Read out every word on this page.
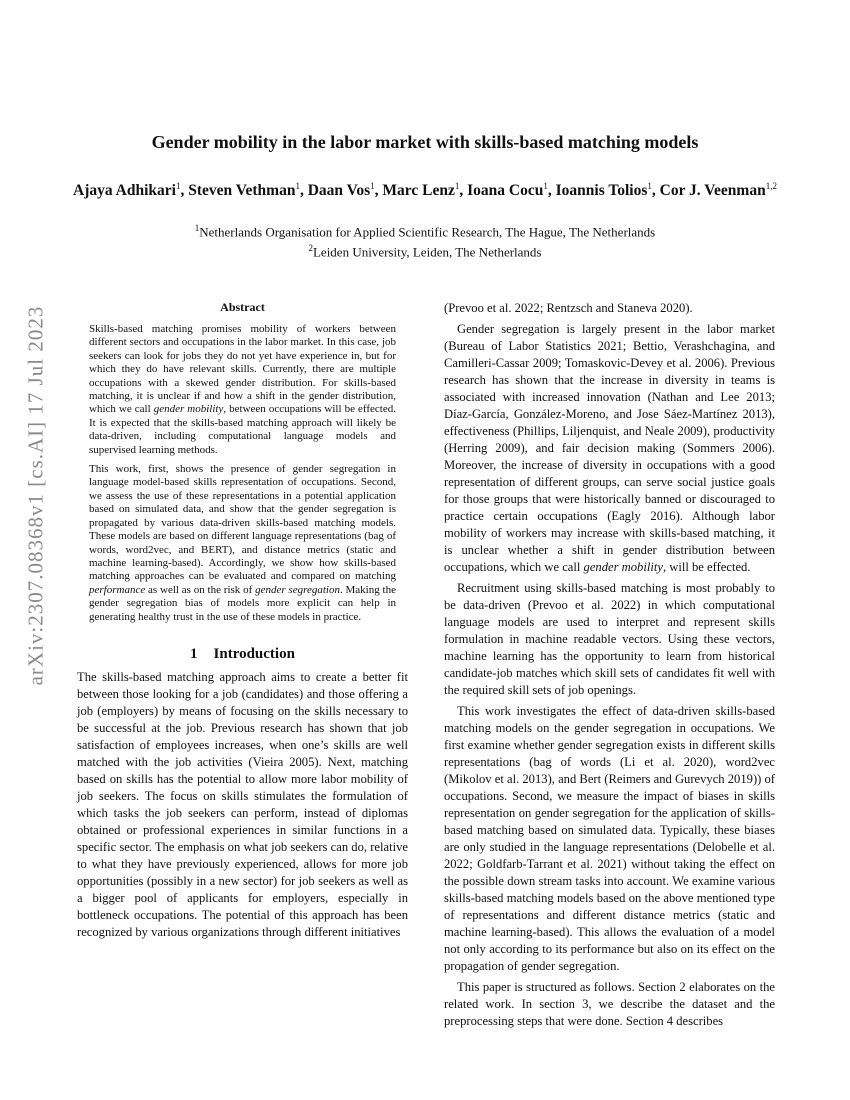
arXiv:2307.08368v1 [cs.AI] 17 Jul 2023
Gender mobility in the labor market with skills-based matching models
Ajaya Adhikari$^1$, Steven Vethman$^1$, Daan Vos$^1$, Marc Lenz$^1$, Ioana Cocu$^1$, Ioannis Tolios$^1$, Cor J. Veenman$^{1,2}$
$^1$Netherlands Organisation for Applied Scientific Research, The Hague, The Netherlands
$^2$Leiden University, Leiden, The Netherlands
Abstract

Skills-based matching promises mobility of workers between different sectors and occupations in the labor market. In this case, job seekers can look for jobs they do not yet have experience in, but for which they do have relevant skills. Currently, there are multiple occupations with a skewed gender distribution. For skills-based matching, it is unclear if and how a shift in the gender distribution, which we call gender mobility, between occupations will be effected. It is expected that the skills-based matching approach will likely be data-driven, including computational language models and supervised learning methods.

This work, first, shows the presence of gender segregation in language model-based skills representation of occupations. Second, we assess the use of these representations in a potential application based on simulated data, and show that the gender segregation is propagated by various data-driven skills-based matching models. These models are based on different language representations (bag of words, word2vec, and BERT), and distance metrics (static and machine learning-based). Accordingly, we show how skills-based matching approaches can be evaluated and compared on matching performance as well as on the risk of gender segregation. Making the gender segregation bias of models more explicit can help in generating healthy trust in the use of these models in practice.

1 Introduction

The skills-based matching approach aims to create a better fit between those looking for a job (candidates) and those offering a job (employers) by means of focusing on the skills necessary to be successful at the job. Previous research has shown that job satisfaction of employees increases, when one’s skills are well matched with the job activities (Vieira 2005). Next, matching based on skills has the potential to allow more labor mobility of job seekers. The focus on skills stimulates the formulation of which tasks the job seekers can perform, instead of diplomas obtained or professional experiences in similar functions in a specific sector. The emphasis on what job seekers can do, relative to what they have previously experienced, allows for more job opportunities (possibly in a new sector) for job seekers as well as a bigger pool of applicants for employers, especially in bottleneck occupations. The potential of this approach has been recognized by various organizations through different initiatives

(Prevoo et al. 2022; Rentzsch and Staneva 2020).

Gender segregation is largely present in the labor market (Bureau of Labor Statistics 2021; Bettio, Verashchagina, and Camilleri-Cassar 2009; Tomaskovic-Devey et al. 2006). Previous research has shown that the increase in diversity in teams is associated with increased innovation (Nathan and Lee 2013; Díaz-García, González-Moreno, and Jose Sáez-Martínez 2013), effectiveness (Phillips, Liljenquist, and Neale 2009), productivity (Herring 2009), and fair decision making (Sommers 2006). Moreover, the increase of diversity in occupations with a good representation of different groups, can serve social justice goals for those groups that were historically banned or discouraged to practice certain occupations (Eagly 2016). Although labor mobility of workers may increase with skills-based matching, it is unclear whether a shift in gender distribution between occupations, which we call gender mobility, will be effected.

Recruitment using skills-based matching is most probably to be data-driven (Prevoo et al. 2022) in which computational language models are used to interpret and represent skills formulation in machine readable vectors. Using these vectors, machine learning has the opportunity to learn from historical candidate-job matches which skill sets of candidates fit well with the required skill sets of job openings.

This work investigates the effect of data-driven skills-based matching models on the gender segregation in occupations. We first examine whether gender segregation exists in different skills representations (bag of words (Li et al. 2020), word2vec (Mikolov et al. 2013), and Bert (Reimers and Gurevych 2019)) of occupations. Second, we measure the impact of biases in skills representation on gender segregation for the application of skills-based matching based on simulated data. Typically, these biases are only studied in the language representations (Delobelle et al. 2022; Goldfarb-Tarrant et al. 2021) without taking the effect on the possible down stream tasks into account. We examine various skills-based matching models based on the above mentioned type of representations and different distance metrics (static and machine learning-based). This allows the evaluation of a model not only according to its performance but also on its effect on the propagation of gender segregation.

This paper is structured as follows. Section 2 elaborates on the related work. In section 3, we describe the dataset and the preprocessing steps that were done. Section 4 describes
